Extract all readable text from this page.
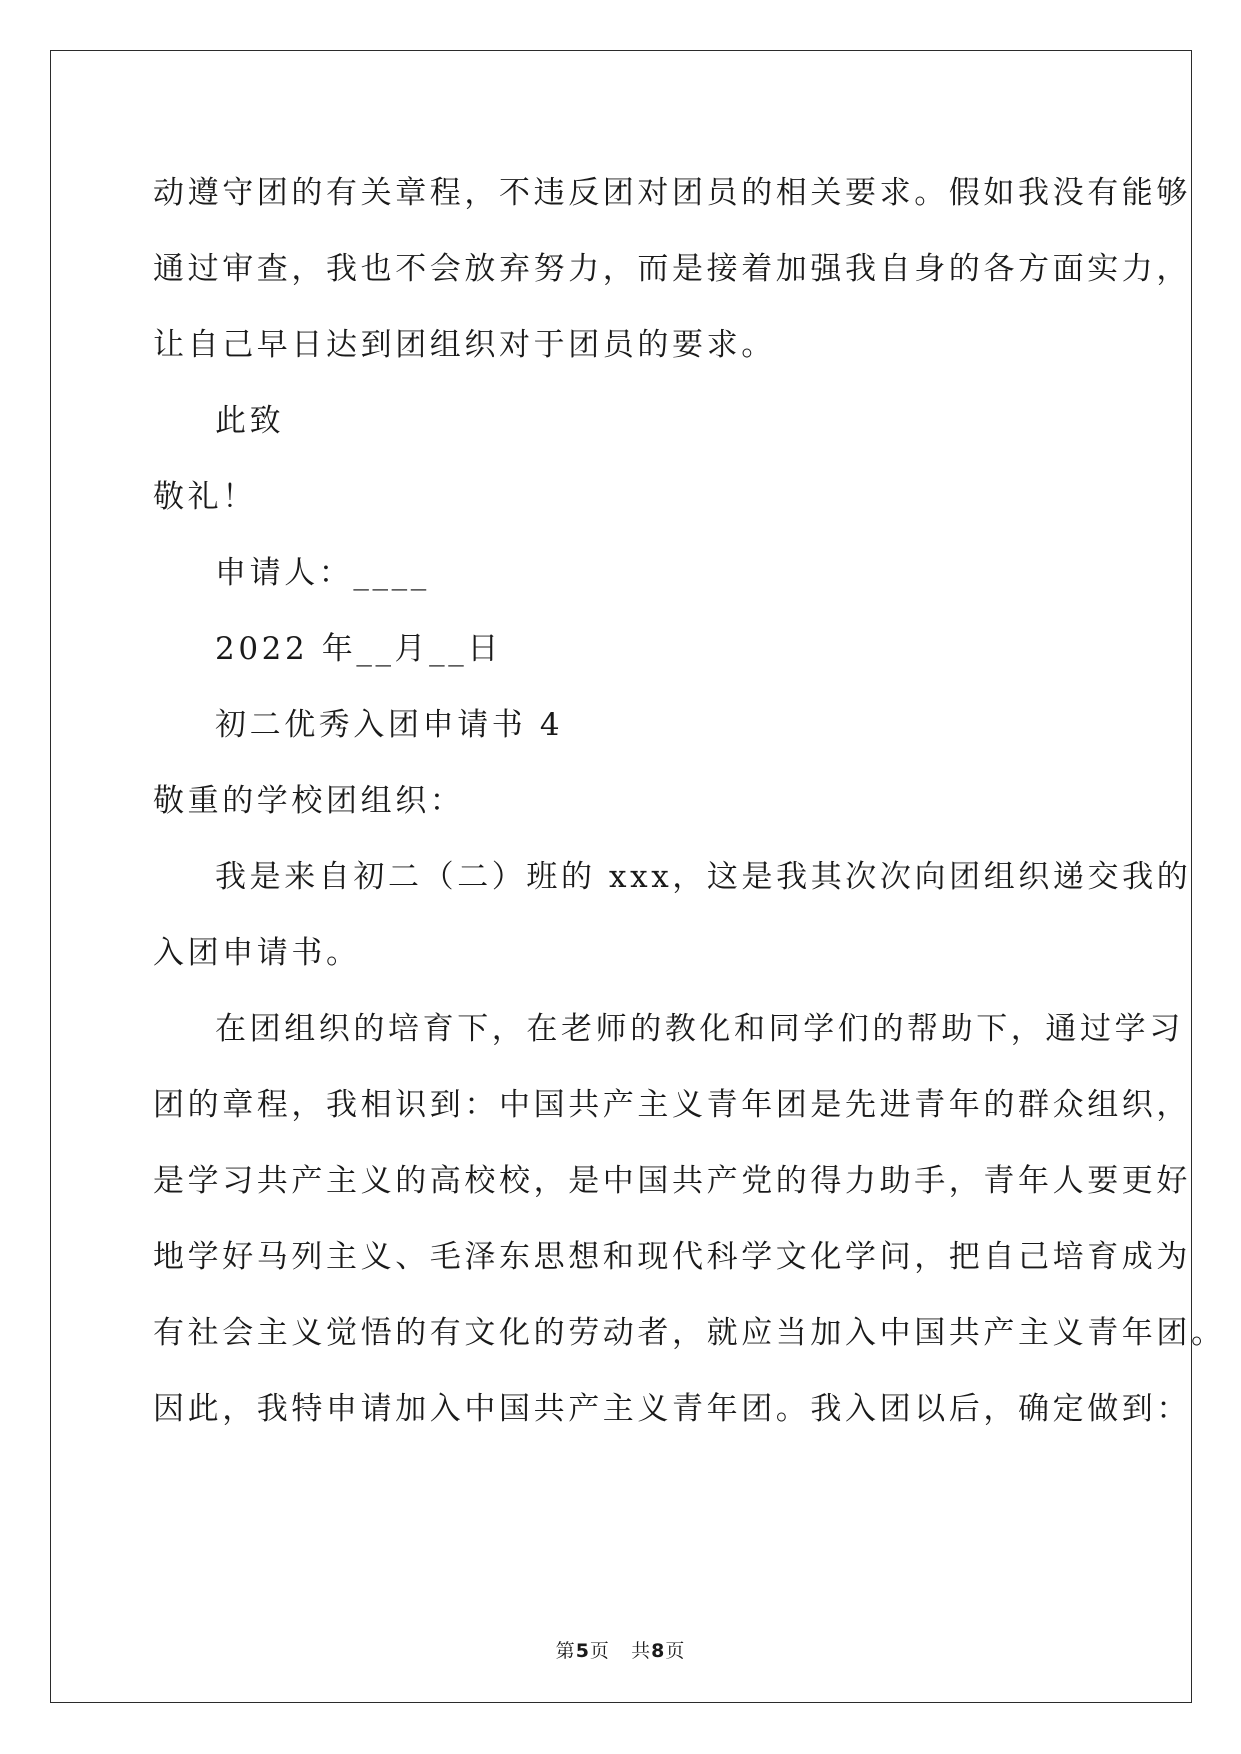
动遵守团的有关章程，不违反团对团员的相关要求。假如我没有能够
通过审查，我也不会放弃努力，而是接着加强我自身的各方面实力，
让自己早日达到团组织对于团员的要求。
此致
敬礼！
申请人：____
2022 年__月__日
初二优秀入团申请书 4
敬重的学校团组织：
我是来自初二（二）班的 xxx，这是我其次次向团组织递交我的
入团申请书。
在团组织的培育下，在老师的教化和同学们的帮助下，通过学习
团的章程，我相识到：中国共产主义青年团是先进青年的群众组织，
是学习共产主义的高校校，是中国共产党的得力助手，青年人要更好
地学好马列主义、毛泽东思想和现代科学文化学问，把自己培育成为
有社会主义觉悟的有文化的劳动者，就应当加入中国共产主义青年团。
因此，我特申请加入中国共产主义青年团。我入团以后，确定做到：
第5页 共8页
